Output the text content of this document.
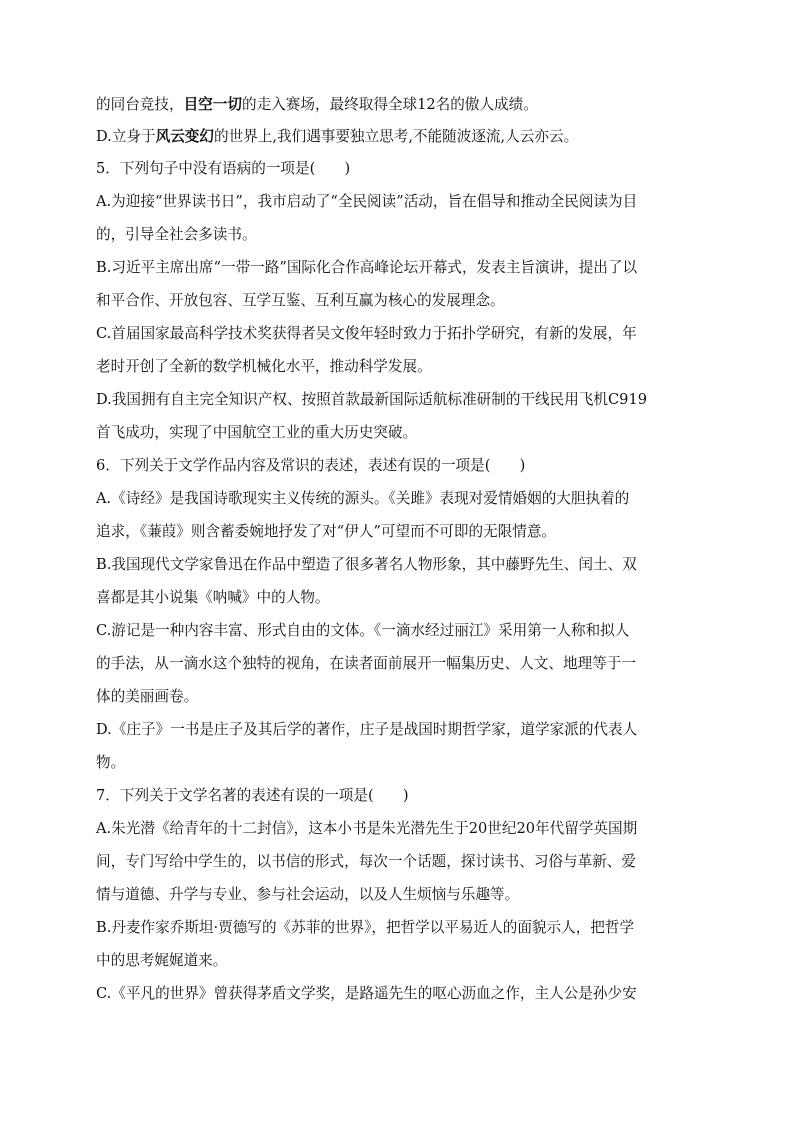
的同台竞技，目空一切的走入赛场，最终取得全球12名的傲人成绩。
D.立身于风云变幻的世界上,我们遇事要独立思考,不能随波逐流,人云亦云。
5．下列句子中没有语病的一项是(　　)
A.为迎接“世界读书日”，我市启动了“全民阅读”活动，旨在倡导和推动全民阅读为目
的，引导全社会多读书。
B.习近平主席出席“一带一路”国际化合作高峰论坛开幕式，发表主旨演讲，提出了以
和平合作、开放包容、互学互鉴、互利互赢为核心的发展理念。
C.首届国家最高科学技术奖获得者吴文俊年轻时致力于拓扑学研究，有新的发展，年
老时开创了全新的数学机械化水平，推动科学发展。
D.我国拥有自主完全知识产权、按照首款最新国际适航标准研制的干线民用飞机C919
首飞成功，实现了中国航空工业的重大历史突破。
6．下列关于文学作品内容及常识的表述，表述有误的一项是(　　)
A.《诗经》是我国诗歌现实主义传统的源头。《关雎》表现对爱情婚姻的大胆执着的
追求，《蒹葭》则含蓄委婉地抒发了对“伊人”可望而不可即的无限情意。
B.我国现代文学家鲁迅在作品中塑造了很多著名人物形象，其中藤野先生、闰土、双
喜都是其小说集《呐喊》中的人物。
C.游记是一种内容丰富、形式自由的文体。《一滴水经过丽江》采用第一人称和拟人
的手法，从一滴水这个独特的视角，在读者面前展开一幅集历史、人文、地理等于一
体的美丽画卷。
D.《庄子》一书是庄子及其后学的著作，庄子是战国时期哲学家，道学家派的代表人
物。
7．下列关于文学名著的表述有误的一项是(　　)
A.朱光潜《给青年的十二封信》，这本小书是朱光潜先生于20世纪20年代留学英国期
间，专门写给中学生的，以书信的形式，每次一个话题，探讨读书、习俗与革新、爱
情与道德、升学与专业、参与社会运动，以及人生烦恼与乐趣等。
B.丹麦作家乔斯坦·贾德写的《苏菲的世界》，把哲学以平易近人的面貌示人，把哲学
中的思考娓娓道来。
C.《平凡的世界》曾获得茅盾文学奖，是路遥先生的呕心沥血之作，主人公是孙少安
